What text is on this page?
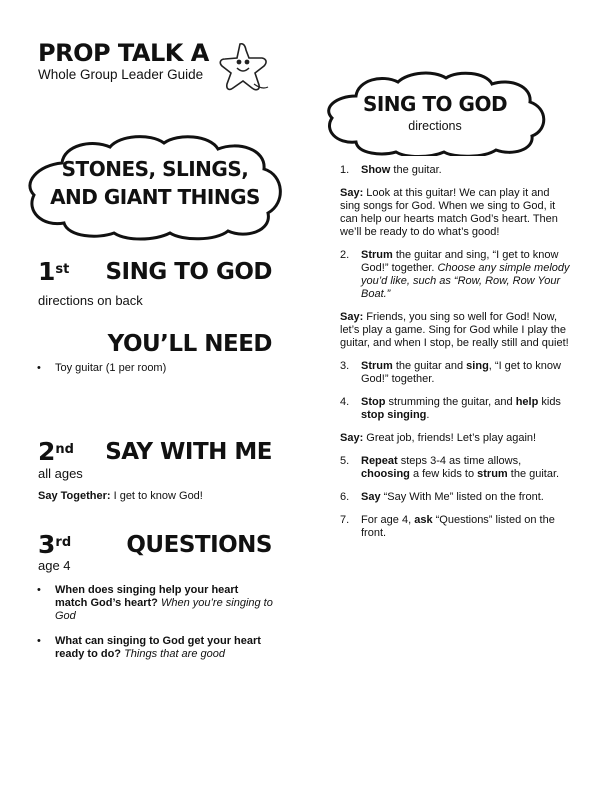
PROP TALK A
Whole Group Leader Guide
STONES, SLINGS,
AND GIANT THINGS
1st SING TO GOD
directions on back
YOU’LL NEED
• Toy guitar (1 per room)
2nd	SAY WITH ME
all ages
Say Together: I get to know God!
3rd	QUESTIONS
age 4
• When does singing help your heart match God’s heart? When you’re singing to God
• What can singing to God get your heart ready to do? Things that are good
SING TO GOD
directions
1. Show the guitar.

Say: Look at this guitar! We can play it and sing songs for God. When we sing to God, it can help our hearts match God’s heart. Then we’ll be ready to do what’s good!

2. Strum the guitar and sing, “I get to know God!” together. Choose any simple melody you’d like, such as “Row, Row, Row Your Boat.”

Say: Friends, you sing so well for God! Now, let’s play a game. Sing for God while I play the guitar, and when I stop, be really still and quiet!

3. Strum the guitar and sing, “I get to know God!” together.
4. Stop strumming the guitar, and help kids stop singing.

Say: Great job, friends! Let’s play again!

5. Repeat steps 3-4 as time allows, choosing a few kids to strum the guitar.
6. Say “Say With Me” listed on the front.
7. For age 4, ask “Questions” listed on the front.
